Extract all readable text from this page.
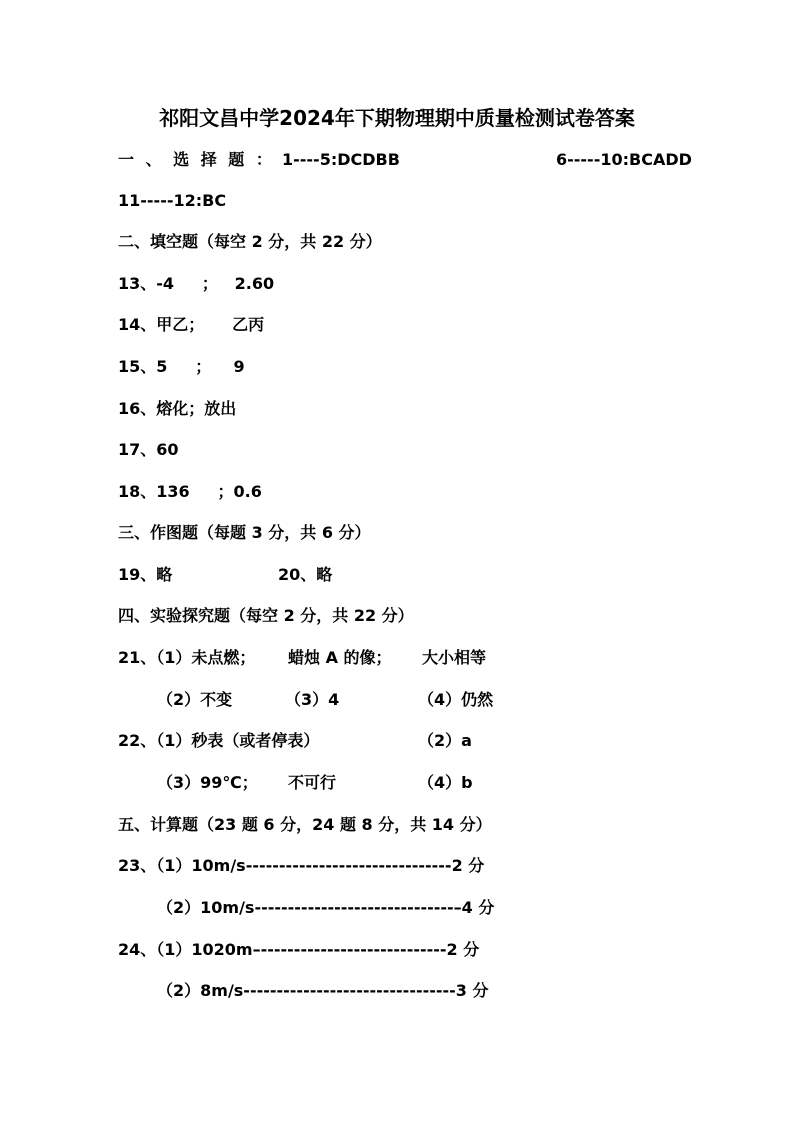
祁阳文昌中学2024年下期物理期中质量检测试卷答案
一 、 选 择 题 ： 1----5:DCDBB	6-----10:BCADD
11-----12:BC
二、填空题（每空 2 分，共 22 分）
13、-4     ；   2.60
14、甲乙；     乙丙
15、5     ；    9
16、熔化；放出
17、60
18、136     ；0.6
三、作图题（每题 3 分，共 6 分）
19、略	20、略
四、实验探究题（每空 2 分，共 22 分）
21、（1）未点燃； 蜡烛 A 的像； 大小相等
（2）不变	（3）4	（4）仍然
22、（1）秒表（或者停表）	（2）a
（3）99℃； 不可行	（4）b
五、计算题（23 题 6 分，24 题 8 分，共 14 分）
23、（1）10m/s-------------------------------2 分
（2）10m/s------------------------------–4 分
24、（1）1020m–----------------------------2 分
（2）8m/s--------------------------------3 分
